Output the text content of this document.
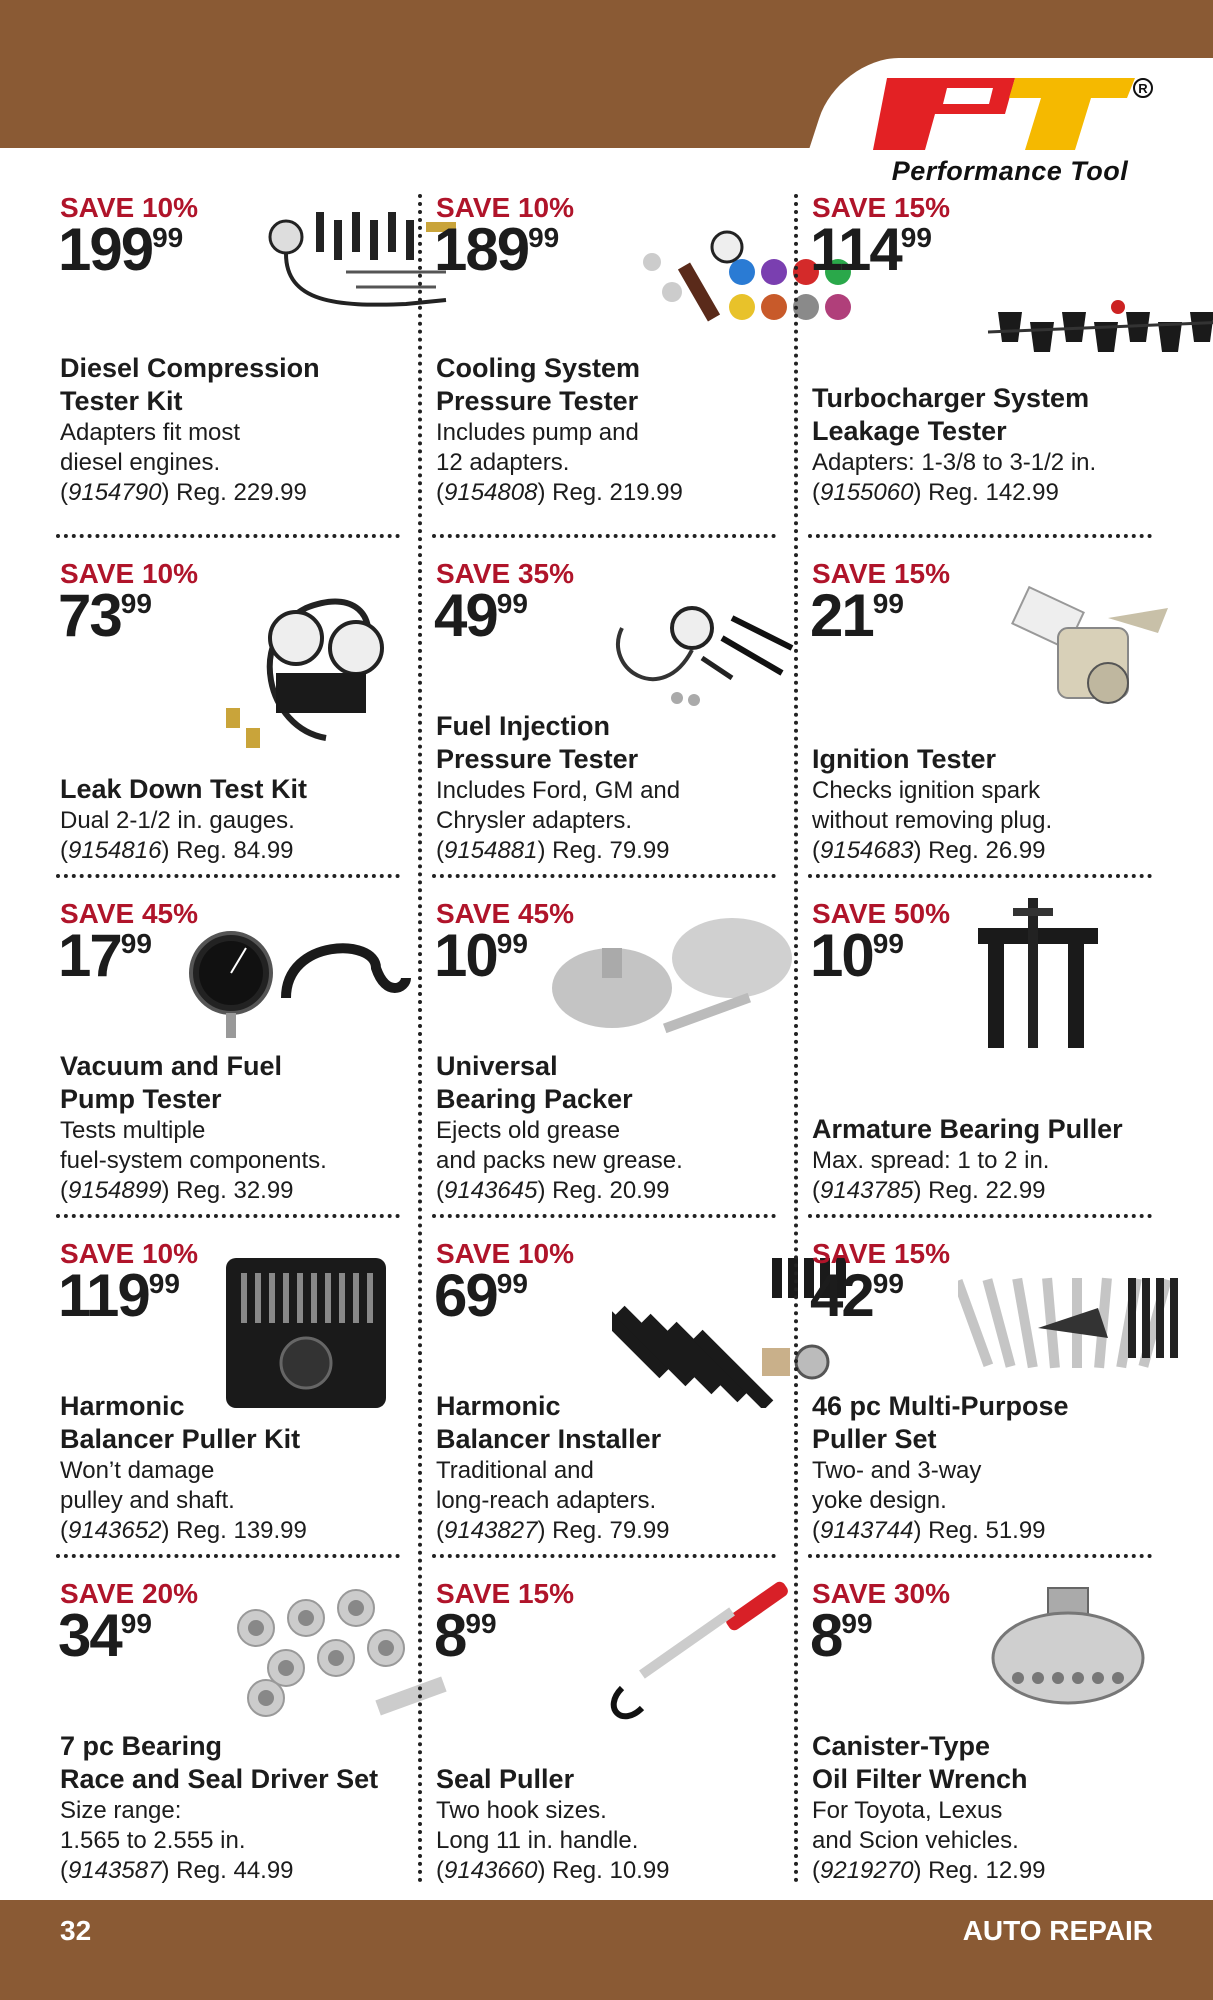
R
Performance Tool
SAVE 10%
$199^{99}$
Diesel Compression
Tester Kit
Adapters fit most
diesel engines.
(9154790) Reg. 229.99
SAVE 10%
$189^{99}$
Cooling System
Pressure Tester
Includes pump and
12 adapters.
(9154808) Reg. 219.99
SAVE 15%
$114^{99}$
Turbocharger System
Leakage Tester
Adapters: 1-3/8 to 3-1/2 in.
(9155060) Reg. 142.99
SAVE 10%
$73^{99}$
Leak Down Test Kit
Dual 2-1/2 in. gauges.
(9154816) Reg. 84.99
SAVE 35%
$49^{99}$
Fuel Injection
Pressure Tester
Includes Ford, GM and
Chrysler adapters.
(9154881) Reg. 79.99
SAVE 15%
$21^{99}$
Ignition Tester
Checks ignition spark
without removing plug.
(9154683) Reg. 26.99
SAVE 45%
$17^{99}$
Vacuum and Fuel
Pump Tester
Tests multiple
fuel-system components.
(9154899) Reg. 32.99
SAVE 45%
$10^{99}$
Universal
Bearing Packer
Ejects old grease
and packs new grease.
(9143645) Reg. 20.99
SAVE 50%
$10^{99}$
Armature Bearing Puller
Max. spread: 1 to 2 in.
(9143785) Reg. 22.99
SAVE 10%
$119^{99}$
Harmonic
Balancer Puller Kit
Won’t damage
pulley and shaft.
(9143652) Reg. 139.99
SAVE 10%
$69^{99}$
Harmonic
Balancer Installer
Traditional and
long-reach adapters.
(9143827) Reg. 79.99
SAVE 15%
$42^{99}$
46 pc Multi-Purpose
Puller Set
Two- and 3-way
yoke design.
(9143744) Reg. 51.99
SAVE 20%
$34^{99}$
7 pc Bearing
Race and Seal Driver Set
Size range:
1.565 to 2.555 in.
(9143587) Reg. 44.99
SAVE 15%
$8^{99}$
Seal Puller
Two hook sizes.
Long 11 in. handle.
(9143660) Reg. 10.99
SAVE 30%
$8^{99}$
Canister-Type
Oil Filter Wrench
For Toyota, Lexus
and Scion vehicles.
(9219270) Reg. 12.99
32	AUTO REPAIR
